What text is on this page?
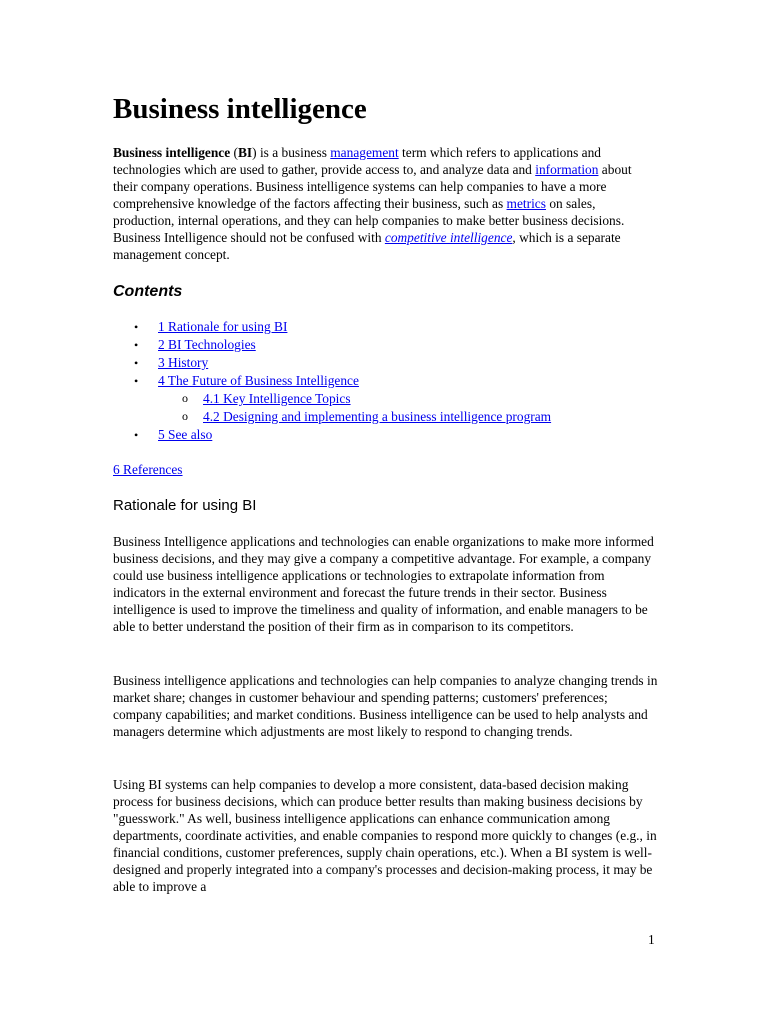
Business intelligence

Business intelligence (BI) is a business management term which refers to applications and technologies which are used to gather, provide access to, and analyze data and information about their company operations. Business intelligence systems can help companies to have a more comprehensive knowledge of the factors affecting their business, such as metrics on sales, production, internal operations, and they can help companies to make better business decisions. Business Intelligence should not be confused with competitive intelligence, which is a separate management concept.

Contents
• 1 Rationale for using BI
• 2 BI Technologies
• 3 History
• 4 The Future of Business Intelligence
o 4.1 Key Intelligence Topics
o 4.2 Designing and implementing a business intelligence program
• 5 See also
6 References
Rationale for using BI

Business Intelligence applications and technologies can enable organizations to make more informed business decisions, and they may give a company a competitive advantage. For example, a company could use business intelligence applications or technologies to extrapolate information from indicators in the external environment and forecast the future trends in their sector. Business intelligence is used to improve the timeliness and quality of information, and enable managers to be able to better understand the position of their firm as in comparison to its competitors.

Business intelligence applications and technologies can help companies to analyze changing trends in market share; changes in customer behaviour and spending patterns; customers' preferences; company capabilities; and market conditions. Business intelligence can be used to help analysts and managers determine which adjustments are most likely to respond to changing trends.

Using BI systems can help companies to develop a more consistent, data-based decision making process for business decisions, which can produce better results than making business decisions by "guesswork." As well, business intelligence applications can enhance communication among departments, coordinate activities, and enable companies to respond more quickly to changes (e.g., in financial conditions, customer preferences, supply chain operations, etc.). When a BI system is well-designed and properly integrated into a company's processes and decision-making process, it may be able to improve a

1
